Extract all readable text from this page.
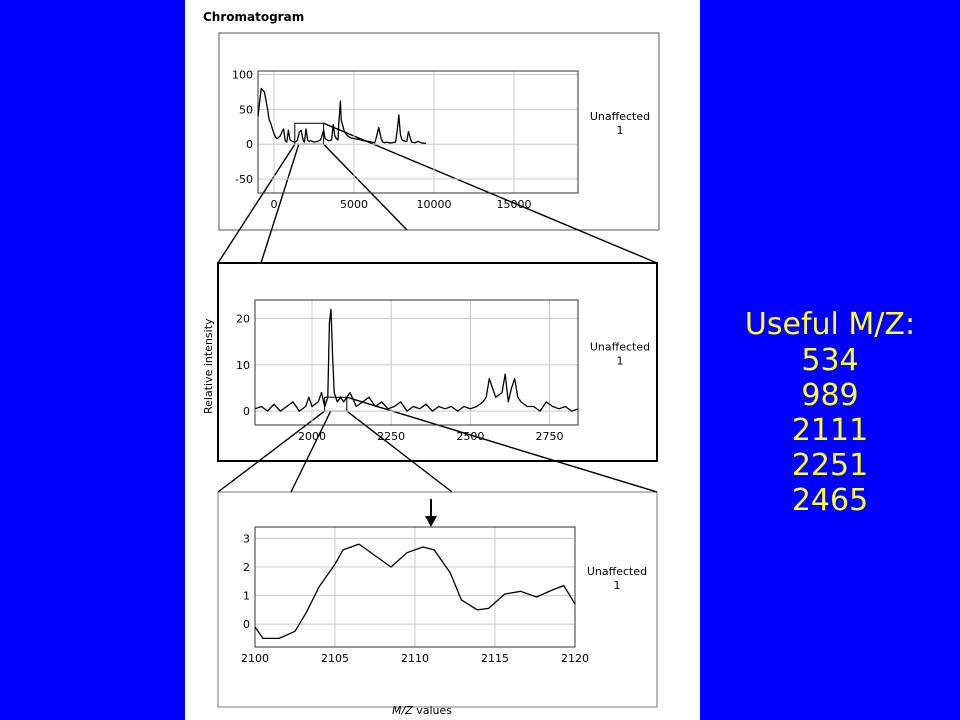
Chromatogram
0	5000	10000	15000
100
50
0
-50
Unaffected
1
2000	2250	2500	2750
20
10
0
Unaffected
1
2100	2105	2110	2115	2120
3
2
1
0
Unaffected
1
Relative intensity
M/Z values
Useful M/Z:
534
989
2111
2251
2465
